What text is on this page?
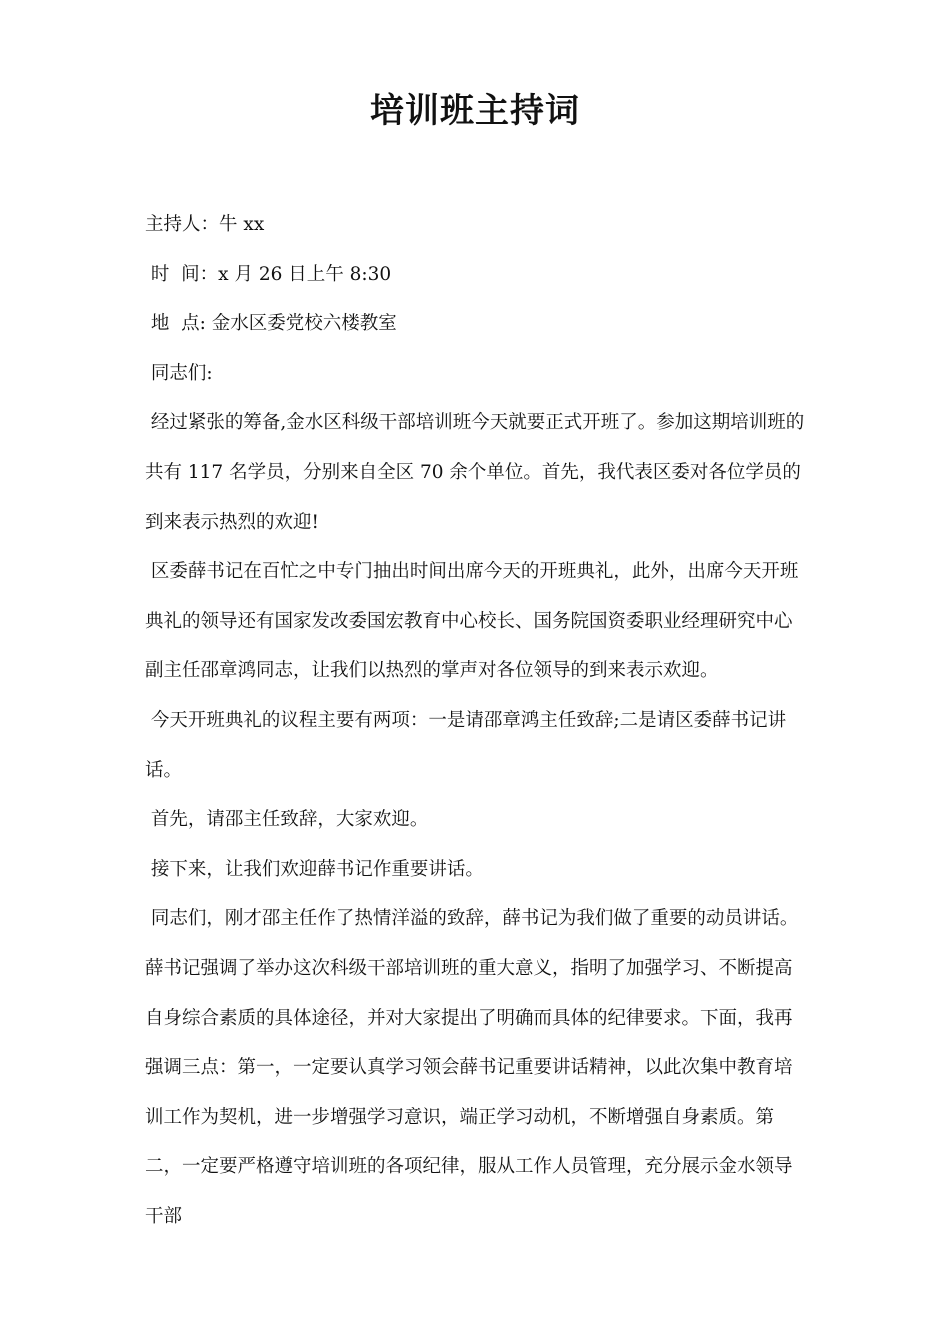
培训班主持词

主持人：牛 xx

时  间：x 月 26 日上午 8:30

地  点: 金水区委党校六楼教室

同志们:

经过紧张的筹备,金水区科级干部培训班今天就要正式开班了。参加这期培训班的共有 117 名学员，分别来自全区 70 余个单位。首先，我代表区委对各位学员的到来表示热烈的欢迎!

区委薛书记在百忙之中专门抽出时间出席今天的开班典礼，此外，出席今天开班典礼的领导还有国家发改委国宏教育中心校长、国务院国资委职业经理研究中心副主任邵章鸿同志，让我们以热烈的掌声对各位领导的到来表示欢迎。

今天开班典礼的议程主要有两项：一是请邵章鸿主任致辞;二是请区委薛书记讲话。

首先，请邵主任致辞，大家欢迎。

接下来，让我们欢迎薛书记作重要讲话。

同志们，刚才邵主任作了热情洋溢的致辞，薛书记为我们做了重要的动员讲话。薛书记强调了举办这次科级干部培训班的重大意义，指明了加强学习、不断提高自身综合素质的具体途径，并对大家提出了明确而具体的纪律要求。下面，我再强调三点：第一，一定要认真学习领会薛书记重要讲话精神，以此次集中教育培训工作为契机，进一步增强学习意识，端正学习动机，不断增强自身素质。第二，一定要严格遵守培训班的各项纪律，服从工作人员管理，充分展示金水领导干部
